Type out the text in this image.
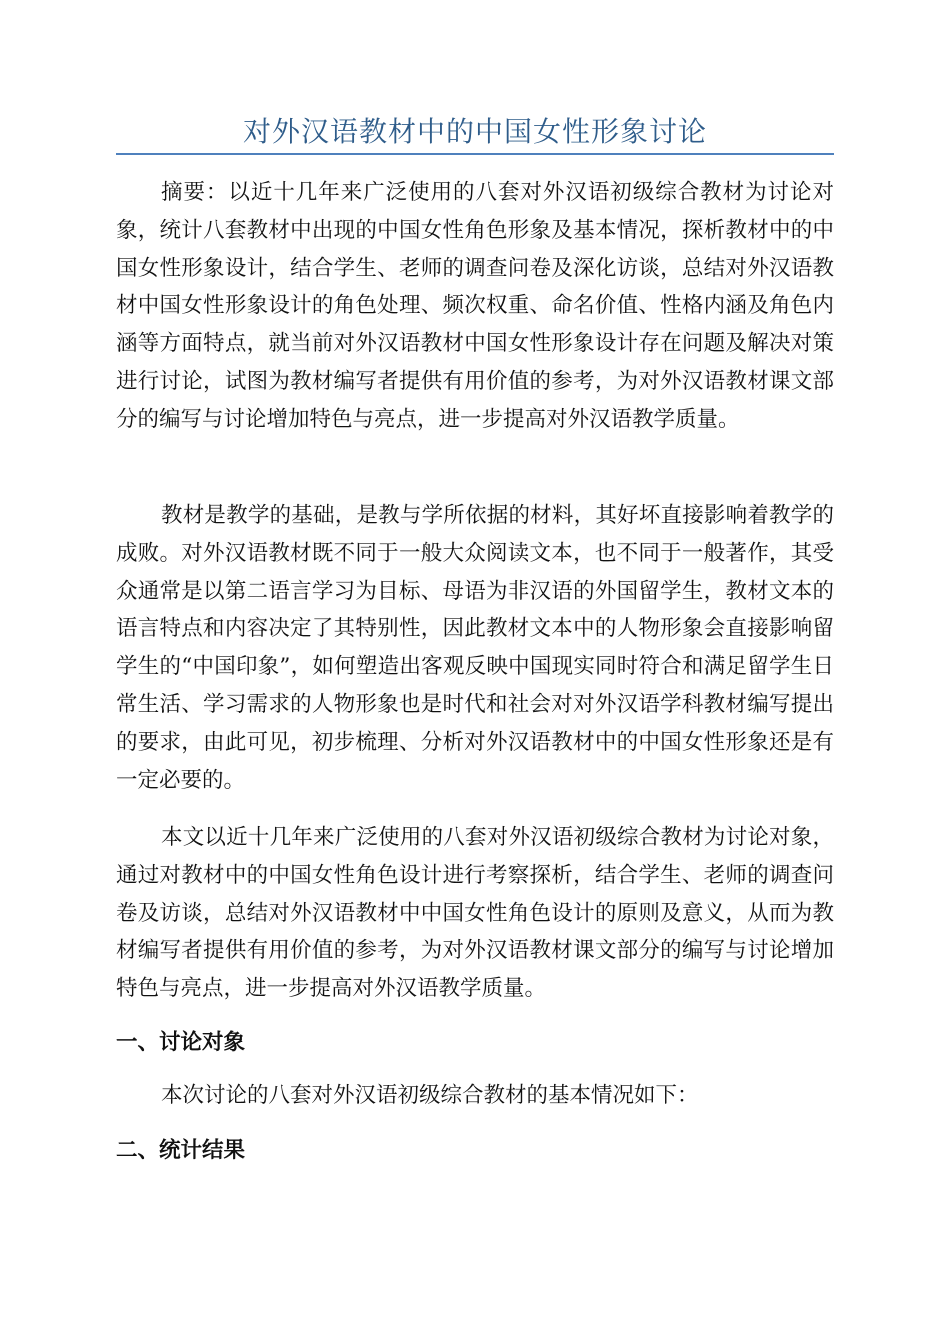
对外汉语教材中的中国女性形象讨论

摘要：以近十几年来广泛使用的八套对外汉语初级综合教材为讨论对象，统计八套教材中出现的中国女性角色形象及基本情况，探析教材中的中国女性形象设计，结合学生、老师的调查问卷及深化访谈，总结对外汉语教材中国女性形象设计的角色处理、频次权重、命名价值、性格内涵及角色内涵等方面特点，就当前对外汉语教材中国女性形象设计存在问题及解决对策进行讨论，试图为教材编写者提供有用价值的参考，为对外汉语教材课文部分的编写与讨论增加特色与亮点，进一步提高对外汉语教学质量。

教材是教学的基础，是教与学所依据的材料，其好坏直接影响着教学的成败。对外汉语教材既不同于一般大众阅读文本，也不同于一般著作，其受众通常是以第二语言学习为目标、母语为非汉语的外国留学生，教材文本的语言特点和内容决定了其特别性，因此教材文本中的人物形象会直接影响留学生的“中国印象”，如何塑造出客观反映中国现实同时符合和满足留学生日常生活、学习需求的人物形象也是时代和社会对对外汉语学科教材编写提出的要求，由此可见，初步梳理、分析对外汉语教材中的中国女性形象还是有一定必要的。

本文以近十几年来广泛使用的八套对外汉语初级综合教材为讨论对象，通过对教材中的中国女性角色设计进行考察探析，结合学生、老师的调查问卷及访谈，总结对外汉语教材中中国女性角色设计的原则及意义，从而为教材编写者提供有用价值的参考，为对外汉语教材课文部分的编写与讨论增加特色与亮点，进一步提高对外汉语教学质量。

一、讨论对象

本次讨论的八套对外汉语初级综合教材的基本情况如下：

二、统计结果
